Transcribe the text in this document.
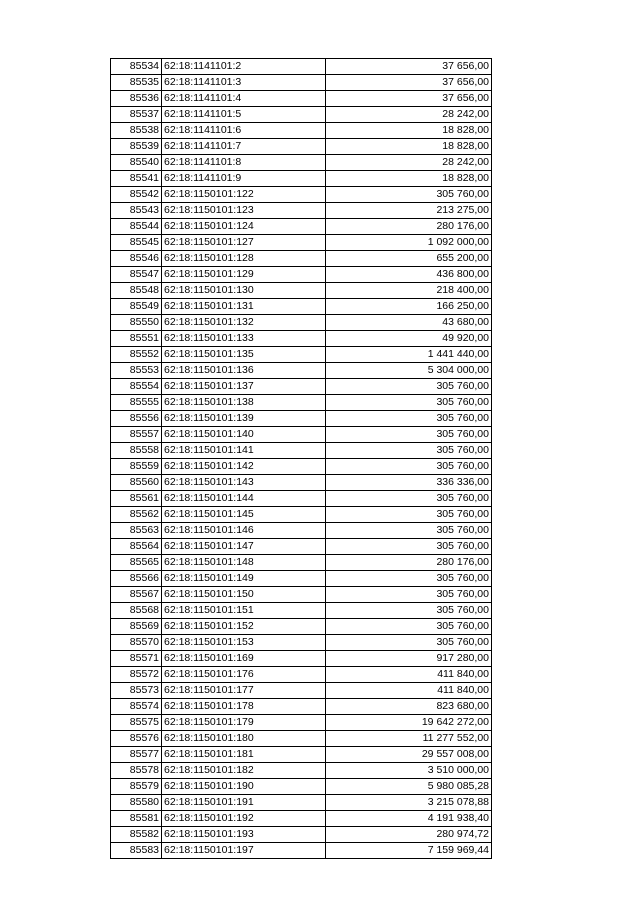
85534	62:18:1141101:2	37 656,00
85535	62:18:1141101:3	37 656,00
85536	62:18:1141101:4	37 656,00
85537	62:18:1141101:5	28 242,00
85538	62:18:1141101:6	18 828,00
85539	62:18:1141101:7	18 828,00
85540	62:18:1141101:8	28 242,00
85541	62:18:1141101:9	18 828,00
85542	62:18:1150101:122	305 760,00
85543	62:18:1150101:123	213 275,00
85544	62:18:1150101:124	280 176,00
85545	62:18:1150101:127	1 092 000,00
85546	62:18:1150101:128	655 200,00
85547	62:18:1150101:129	436 800,00
85548	62:18:1150101:130	218 400,00
85549	62:18:1150101:131	166 250,00
85550	62:18:1150101:132	43 680,00
85551	62:18:1150101:133	49 920,00
85552	62:18:1150101:135	1 441 440,00
85553	62:18:1150101:136	5 304 000,00
85554	62:18:1150101:137	305 760,00
85555	62:18:1150101:138	305 760,00
85556	62:18:1150101:139	305 760,00
85557	62:18:1150101:140	305 760,00
85558	62:18:1150101:141	305 760,00
85559	62:18:1150101:142	305 760,00
85560	62:18:1150101:143	336 336,00
85561	62:18:1150101:144	305 760,00
85562	62:18:1150101:145	305 760,00
85563	62:18:1150101:146	305 760,00
85564	62:18:1150101:147	305 760,00
85565	62:18:1150101:148	280 176,00
85566	62:18:1150101:149	305 760,00
85567	62:18:1150101:150	305 760,00
85568	62:18:1150101:151	305 760,00
85569	62:18:1150101:152	305 760,00
85570	62:18:1150101:153	305 760,00
85571	62:18:1150101:169	917 280,00
85572	62:18:1150101:176	411 840,00
85573	62:18:1150101:177	411 840,00
85574	62:18:1150101:178	823 680,00
85575	62:18:1150101:179	19 642 272,00
85576	62:18:1150101:180	11 277 552,00
85577	62:18:1150101:181	29 557 008,00
85578	62:18:1150101:182	3 510 000,00
85579	62:18:1150101:190	5 980 085,28
85580	62:18:1150101:191	3 215 078,88
85581	62:18:1150101:192	4 191 938,40
85582	62:18:1150101:193	280 974,72
85583	62:18:1150101:197	7 159 969,44
